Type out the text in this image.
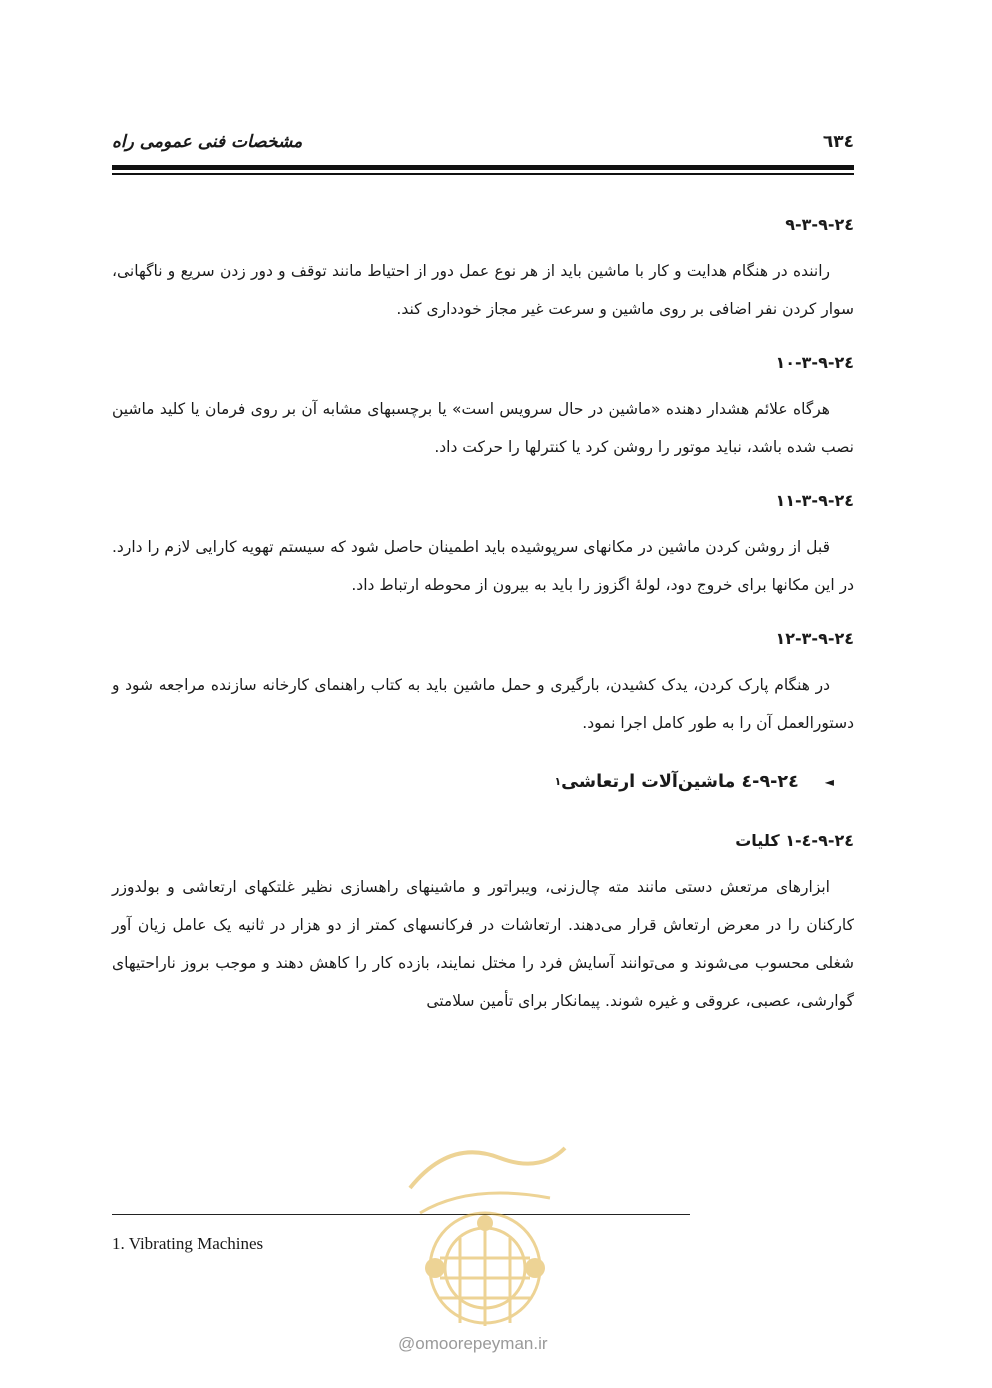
مشخصات فنی عمومی راه	٦٣٤
٢٤-٩-٣-٩

راننده در هنگام هدایت و کار با ماشین باید از هر نوع عمل دور از احتیاط مانند توقف و دور زدن سریع و ناگهانی، سوار کردن نفر اضافی بر روی ماشین و سرعت غیر مجاز خودداری کند.

٢٤-٩-٣-١٠

هرگاه علائم هشدار دهنده «ماشین در حال سرویس است» یا برچسبهای مشابه آن بر روی فرمان یا کلید ماشین نصب شده باشد، نباید موتور را روشن کرد یا کنترلها را حرکت داد.

٢٤-٩-٣-١١

قبل از روشن کردن ماشین در مکانهای سرپوشیده باید اطمینان حاصل شود که سیستم تهویه کارایی لازم را دارد. در این مکانها برای خروج دود، لولهٔ اگزوز را باید به بیرون از محوطه ارتباط داد.

٢٤-٩-٣-١٢

در هنگام پارک کردن، یدک کشیدن، بارگیری و حمل ماشین باید به کتاب راهنمای کارخانه سازنده مراجعه شود و دستورالعمل آن را به طور کامل اجرا نمود.

◄
٢٤-٩-٤ ماشین‌آلات ارتعاشی
١
٢٤-٩-٤-١ کلیات

ابزارهای مرتعش دستی مانند مته چال‌زنی، ویبراتور و ماشینهای راهسازی نظیر غلتکهای ارتعاشی و بولدوزر کارکنان را در معرض ارتعاش قرار می‌دهند. ارتعاشات در فرکانسهای کمتر از دو هزار در ثانیه یک عامل زیان آور شغلی محسوب می‌شوند و می‌توانند آسایش فرد را مختل نمایند، بازده کار را کاهش دهند و موجب بروز ناراحتیهای گوارشی، عصبی، عروقی و غیره شوند. پیمانکار برای تأمین سلامتی

1. Vibrating Machines
@omoorepeyman.ir
